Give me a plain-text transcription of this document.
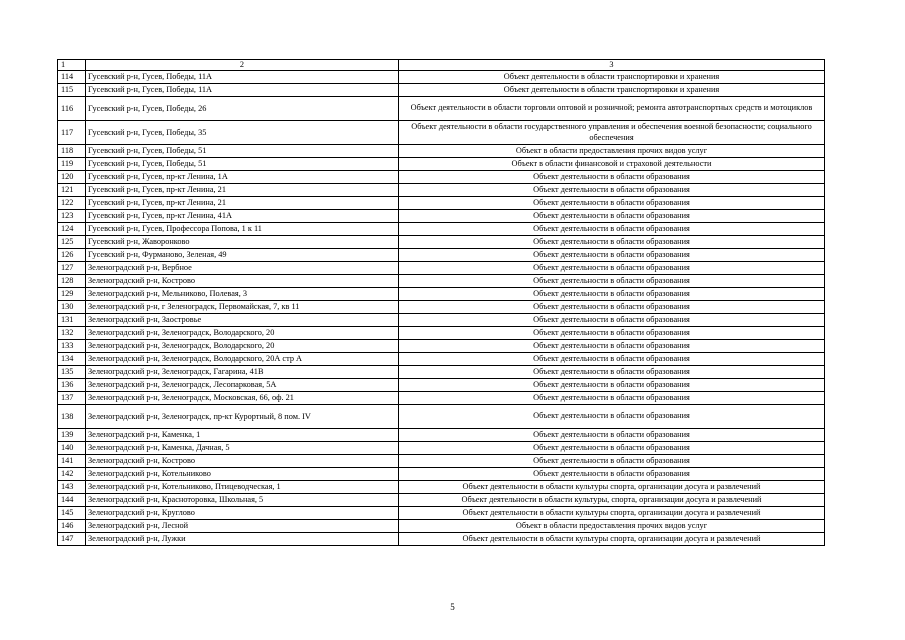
1	2	3
114	Гусевский р-н, Гусев, Победы, 11А	Объект деятельности в области транспортировки и хранения
115	Гусевский р-н, Гусев, Победы, 11А	Объект деятельности в области транспортировки и хранения
116	Гусевский р-н, Гусев, Победы, 26	Объект деятельности в области торговли оптовой и розничной; ремонта автотранспортных средств и мотоциклов
117	Гусевский р-н, Гусев, Победы, 35	Объект деятельности в области государственного управления и обеспечения военной безопасности; социального обеспечения
118	Гусевский р-н, Гусев, Победы, 51	Объект в области предоставления прочих видов услуг
119	Гусевский р-н, Гусев, Победы, 51	Объект в области финансовой и страховой деятельности
120	Гусевский р-н, Гусев, пр-кт Ленина, 1А	Объект деятельности в области образования
121	Гусевский р-н, Гусев, пр-кт Ленина, 21	Объект деятельности в области образования
122	Гусевский р-н, Гусев, пр-кт Ленина, 21	Объект деятельности в области образования
123	Гусевский р-н, Гусев, пр-кт Ленина, 41А	Объект деятельности в области образования
124	Гусевский р-н, Гусев, Профессора Попова, 1 к 11	Объект деятельности в области образования
125	Гусевский р-н, Жаворонково	Объект деятельности в области образования
126	Гусевский р-н, Фурманово, Зеленая, 49	Объект деятельности в области образования
127	Зеленоградский р-н, Вербное	Объект деятельности в области образования
128	Зеленоградский р-н, Кострово	Объект деятельности в области образования
129	Зеленоградский р-н, Мельниково, Полевая, 3	Объект деятельности в области образования
130	Зеленоградский р-н, г Зеленоградск, Первомайская, 7, кв 11	Объект деятельности в области образования
131	Зеленоградский р-н, Заостровье	Объект деятельности в области образования
132	Зеленоградский р-н, Зеленоградск, Володарского, 20	Объект деятельности в области образования
133	Зеленоградский р-н, Зеленоградск, Володарского, 20	Объект деятельности в области образования
134	Зеленоградский р-н, Зеленоградск, Володарского, 20А стр А	Объект деятельности в области образования
135	Зеленоградский р-н, Зеленоградск, Гагарина, 41В	Объект деятельности в области образования
136	Зеленоградский р-н, Зеленоградск, Лесопарковая, 5А	Объект деятельности в области образования
137	Зеленоградский р-н, Зеленоградск, Московская, 66, оф. 21	Объект деятельности в области образования
138	Зеленоградский р-н, Зеленоградск, пр-кт Курортный, 8 пом. IV	Объект деятельности в области образования
139	Зеленоградский р-н, Каменка, 1	Объект деятельности в области образования
140	Зеленоградский р-н, Каменка, Дачная, 5	Объект деятельности в области образования
141	Зеленоградский р-н, Кострово	Объект деятельности в области образования
142	Зеленоградский р-н, Котельниково	Объект деятельности в области образования
143	Зеленоградский р-н, Котельниково, Птицеводческая, 1	Объект деятельности в области культуры спорта, организации досуга и развлечений
144	Зеленоградский р-н, Красноторовка, Школьная, 5	Объект деятельности в области культуры, спорта, организации досуга и развлечений
145	Зеленоградский р-н, Круглово	Объект деятельности в области культуры спорта, организации досуга и развлечений
146	Зеленоградский р-н, Лесной	Объект в области предоставления прочих видов услуг
147	Зеленоградский р-н, Лужки	Объект деятельности в области культуры спорта, организации досуга и развлечений
5
